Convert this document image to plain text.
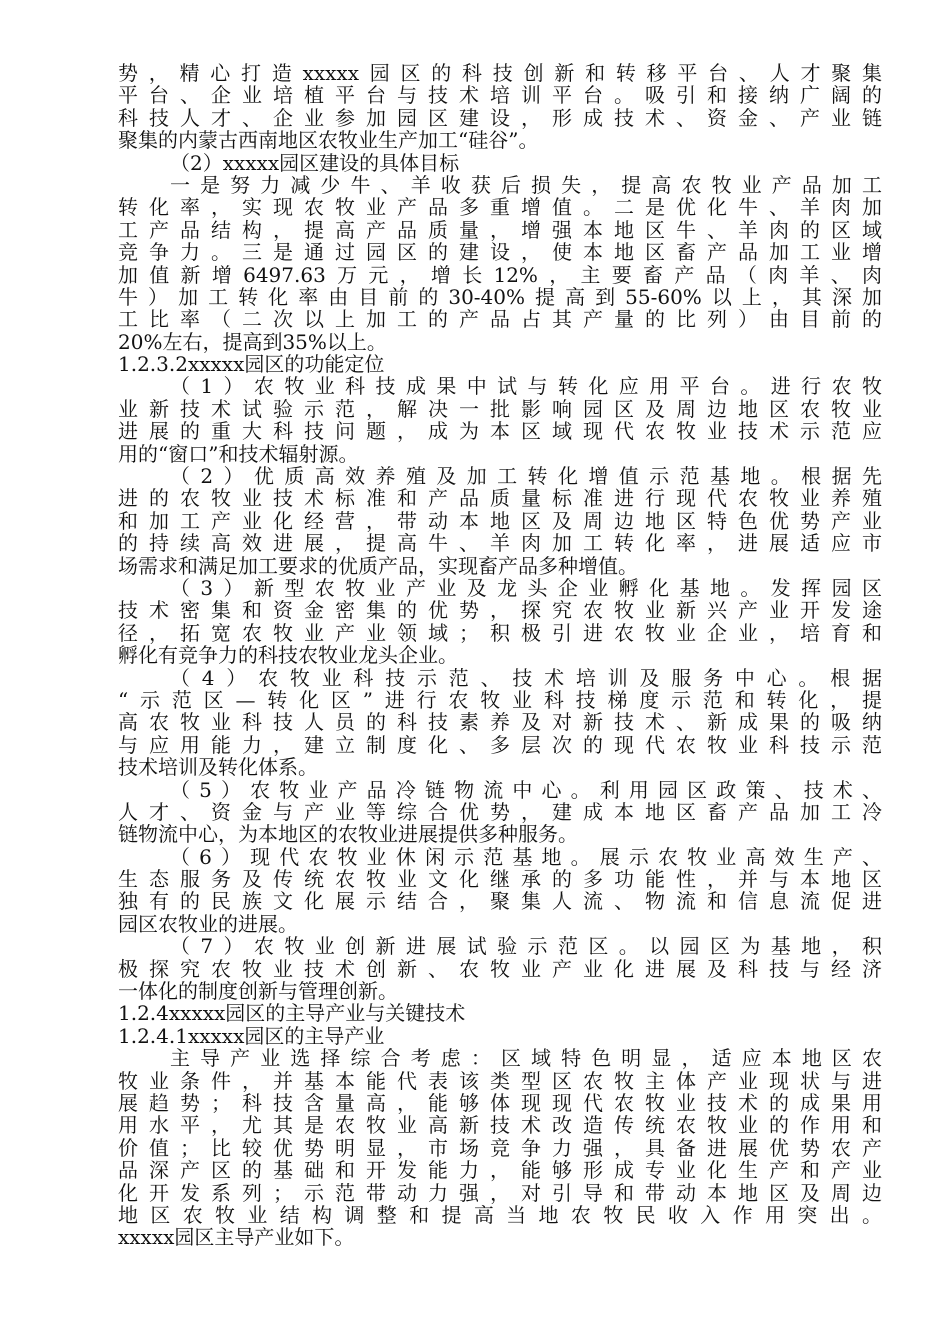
势，精心打造xxxxx园区的科技创新和转移平台、人才聚集
平台、企业培植平台与技术培训平台。吸引和接纳广阔的
科技人才、企业参加园区建设，形成技术、资金、产业链
聚集的内蒙古西南地区农牧业生产加工“硅谷”。
（2）xxxxx园区建设的具体目标
一是努力减少牛、羊收获后损失，提高农牧业产品加工
转化率，实现农牧业产品多重增值。二是优化牛、羊肉加
工产品结构，提高产品质量，增强本地区牛、羊肉的区域
竞争力。三是通过园区的建设，使本地区畜产品加工业增
加值新增6497.63万元，增长12%，主要畜产品（肉羊、肉
牛）加工转化率由目前的30-40%提高到55-60%以上，其深加
工比率（二次以上加工的产品占其产量的比列）由目前的
20%左右，提高到35%以上。
1.2.3.2xxxxx园区的功能定位
（1）农牧业科技成果中试与转化应用平台。进行农牧
业新技术试验示范，解决一批影响园区及周边地区农牧业
进展的重大科技问题，成为本区域现代农牧业技术示范应
用的“窗口”和技术辐射源。
（2）优质高效养殖及加工转化增值示范基地。根据先
进的农牧业技术标准和产品质量标准进行现代农牧业养殖
和加工产业化经营，带动本地区及周边地区特色优势产业
的持续高效进展，提高牛、羊肉加工转化率，进展适应市
场需求和满足加工要求的优质产品，实现畜产品多种增值。
（3）新型农牧业产业及龙头企业孵化基地。发挥园区
技术密集和资金密集的优势，探究农牧业新兴产业开发途
径，拓宽农牧业产业领域；积极引进农牧业企业，培育和
孵化有竞争力的科技农牧业龙头企业。
（4）农牧业科技示范、技术培训及服务中心。根据
“示范区—转化区”进行农牧业科技梯度示范和转化，提
高农牧业科技人员的科技素养及对新技术、新成果的吸纳
与应用能力，建立制度化、多层次的现代农牧业科技示范
技术培训及转化体系。
（5）农牧业产品冷链物流中心。利用园区政策、技术、
人才、资金与产业等综合优势，建成本地区畜产品加工冷
链物流中心，为本地区的农牧业进展提供多种服务。
（6）现代农牧业休闲示范基地。展示农牧业高效生产、
生态服务及传统农牧业文化继承的多功能性，并与本地区
独有的民族文化展示结合，聚集人流、物流和信息流促进
园区农牧业的进展。
（7）农牧业创新进展试验示范区。以园区为基地，积
极探究农牧业技术创新、农牧业产业化进展及科技与经济
一体化的制度创新与管理创新。
1.2.4xxxxx园区的主导产业与关键技术
1.2.4.1xxxxx园区的主导产业
主导产业选择综合考虑：区域特色明显，适应本地区农
牧业条件，并基本能代表该类型区农牧主体产业现状与进
展趋势；科技含量高，能够体现现代农牧业技术的成果用
用水平，尤其是农牧业高新技术改造传统农牧业的作用和
价值；比较优势明显，市场竞争力强，具备进展优势农产
品深产区的基础和开发能力，能够形成专业化生产和产业
化开发系列；示范带动力强，对引导和带动本地区及周边
地区农牧业结构调整和提高当地农牧民收入作用突出。
xxxxx园区主导产业如下。
